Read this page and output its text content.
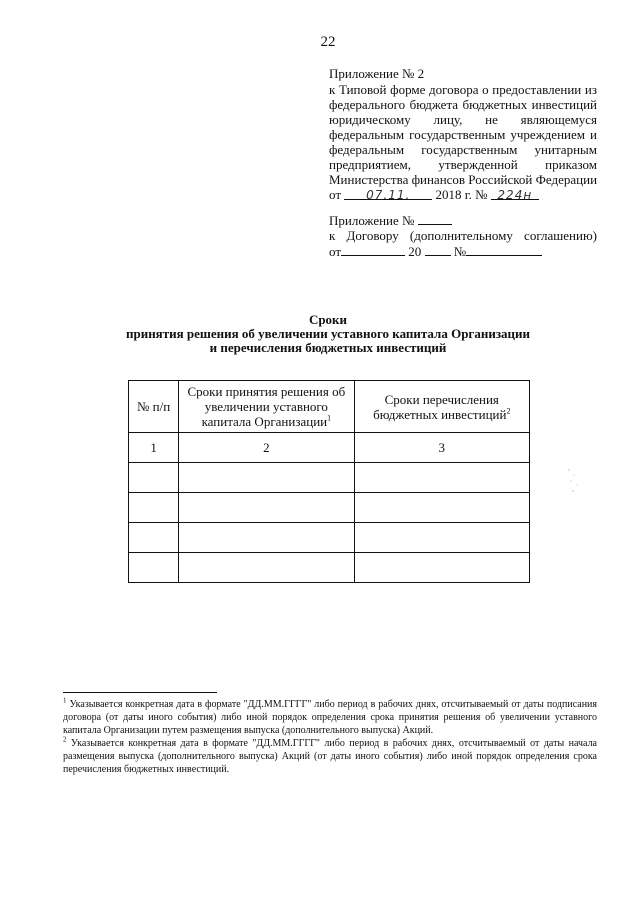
22
Приложение № 2
к Типовой форме договора о предоставлении из
федерального бюджета бюджетных инвестиций
юридическому лицу, не являющемуся
федеральным государственным учреждением и
федеральным государственным унитарным
предприятием, утвержденной приказом
Министерства финансов Российской Федерации
от 07.11. 2018 г. № 224н
Приложение №
к Договору (дополнительному соглашению)
от	20	№
Сроки
принятия решения об увеличении уставного капитала Организации
и перечисления бюджетных инвестиций
№ п/п	Сроки принятия решения об увеличении уставного капитала Организации$^1$	Сроки перечисления бюджетных инвестиций$^2$
1	2	3

$^1$ Указывается конкретная дата в формате "ДД.ММ.ГГГГ" либо период в рабочих днях, отсчитываемый от даты подписания договора (от даты иного события) либо иной порядок определения срока принятия решения об увеличении уставного капитала Организации путем размещения выпуска (дополнительного выпуска) Акций.

$^2$ Указывается конкретная дата в формате "ДД.ММ.ГГГГ" либо период в рабочих днях, отсчитываемый от даты начала размещения выпуска (дополнительного выпуска) Акций (от даты иного события) либо иной порядок определения срока перечисления бюджетных инвестиций.
